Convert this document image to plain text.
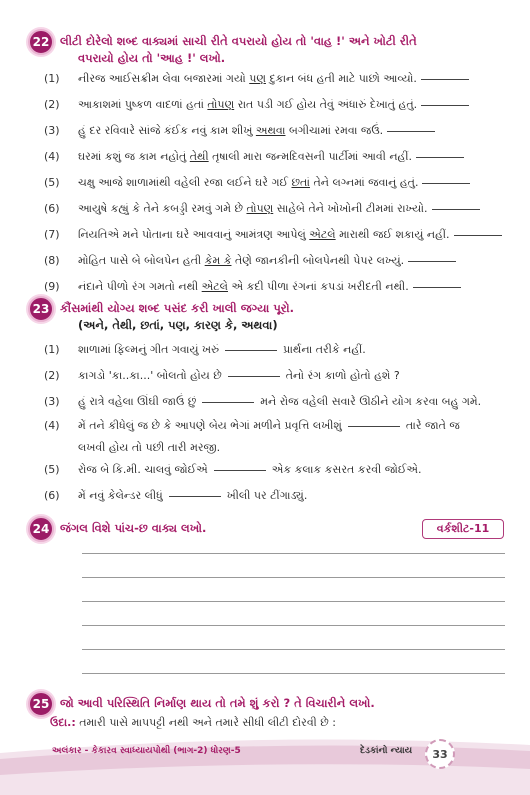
22 લીટી દોરેલો શબ્દ વાક્યમાં સાચી રીતે વપરાયો હોય તો 'વાહ !' અને ખોટી રીતે
વપરાયો હોય તો 'આહ !' લખો.
(1)	નીરજ આઈસક્રીમ લેવા બજારમાં ગયો પણ દુકાન બંધ હતી માટે પાછો આવ્યો.
(2)	આકાશમાં પુષ્કળ વાદળાં હતાં તોપણ રાત પડી ગઈ હોય તેવું અંધારું દેખાતું હતું.
(3)	હું દર રવિવારે સાંજે કંઈક નવું કામ શીખું અથવા બગીચામાં રમવા જઉં.
(4)	ઘરમાં કશું જ કામ નહોતું તેથી તૃષાલી મારા જન્મદિવસની પાર્ટીમાં આવી નહીં.
(5)	ચક્ષુ આજે શાળામાંથી વહેલી રજા લઈને ઘરે ગઈ છતાં તેને લગ્નમાં જવાનું હતું.
(6)	આયુષે કહ્યું કે તેને કબડ્ડી રમવું ગમે છે તોપણ સાહેબે તેને ખોખોની ટીમમાં રાખ્યો.
(7)	નિયતિએ મને પોતાના ઘરે આવવાનું આમંત્રણ આપેલું એટલે મારાથી જઈ શકાયું નહીં.
(8)	મોહિત પાસે બે બોલપેન હતી કેમ કે તેણે જાનકીની બોલપેનથી પેપર લખ્યું.
(9)	નંદાને પીળો રંગ ગમતો નથી એટલે એ કદી પીળા રંગનાં કપડાં ખરીદતી નથી.
23 કૌંસમાંથી યોગ્ય શબ્દ પસંદ કરી ખાલી જગ્યા પૂરો.
(અને, તેથી, છતાં, પણ, કારણ કે, અથવા)
(1)	શાળામાં ફિલ્મનું ગીત ગવાયું ખરું	પ્રાર્થના તરીકે નહીં.
(2)	કાગડો 'કા..કા...' બોલતો હોય છે	તેનો રંગ કાળો હોતો હશે ?
(3)	હું રાત્રે વહેલા ઊંઘી જાઉં છું	મને રોજ વહેલી સવારે ઊઠીને યોગ કરવા બહુ ગમે.
(4)	મેં તને કીધેલું જ છે કે આપણે બેય ભેગાં મળીને પ્રવૃત્તિ લખીશું	તારે જાતે જ
લખવી હોય તો પછી તારી મરજી.
(5)	રોજ બે કિ.મી. ચાલવું જોઈએ	એક કલાક કસરત કરવી જોઈએ.
(6)	મેં નવું કેલેન્ડર લીધું	ખીલી પર ટીંગાડ્યું.
24 જંગલ વિશે પાંચ-છ વાક્ય લખો.	વર્કશીટ-11
25 જો આવી પરિસ્થિતિ નિર્માણ થાય તો તમે શું કરો ? તે વિચારીને લખો.
ઉદા.: તમારી પાસે માપપટ્ટી નથી અને તમારે સીધી લીટી દોરવી છે :
અલંકાર - કેકારવ સ્વાધ્યાયપોથી (ભાગ-2) ધોરણ-5	દેડકાંનો ન્યાય	33
